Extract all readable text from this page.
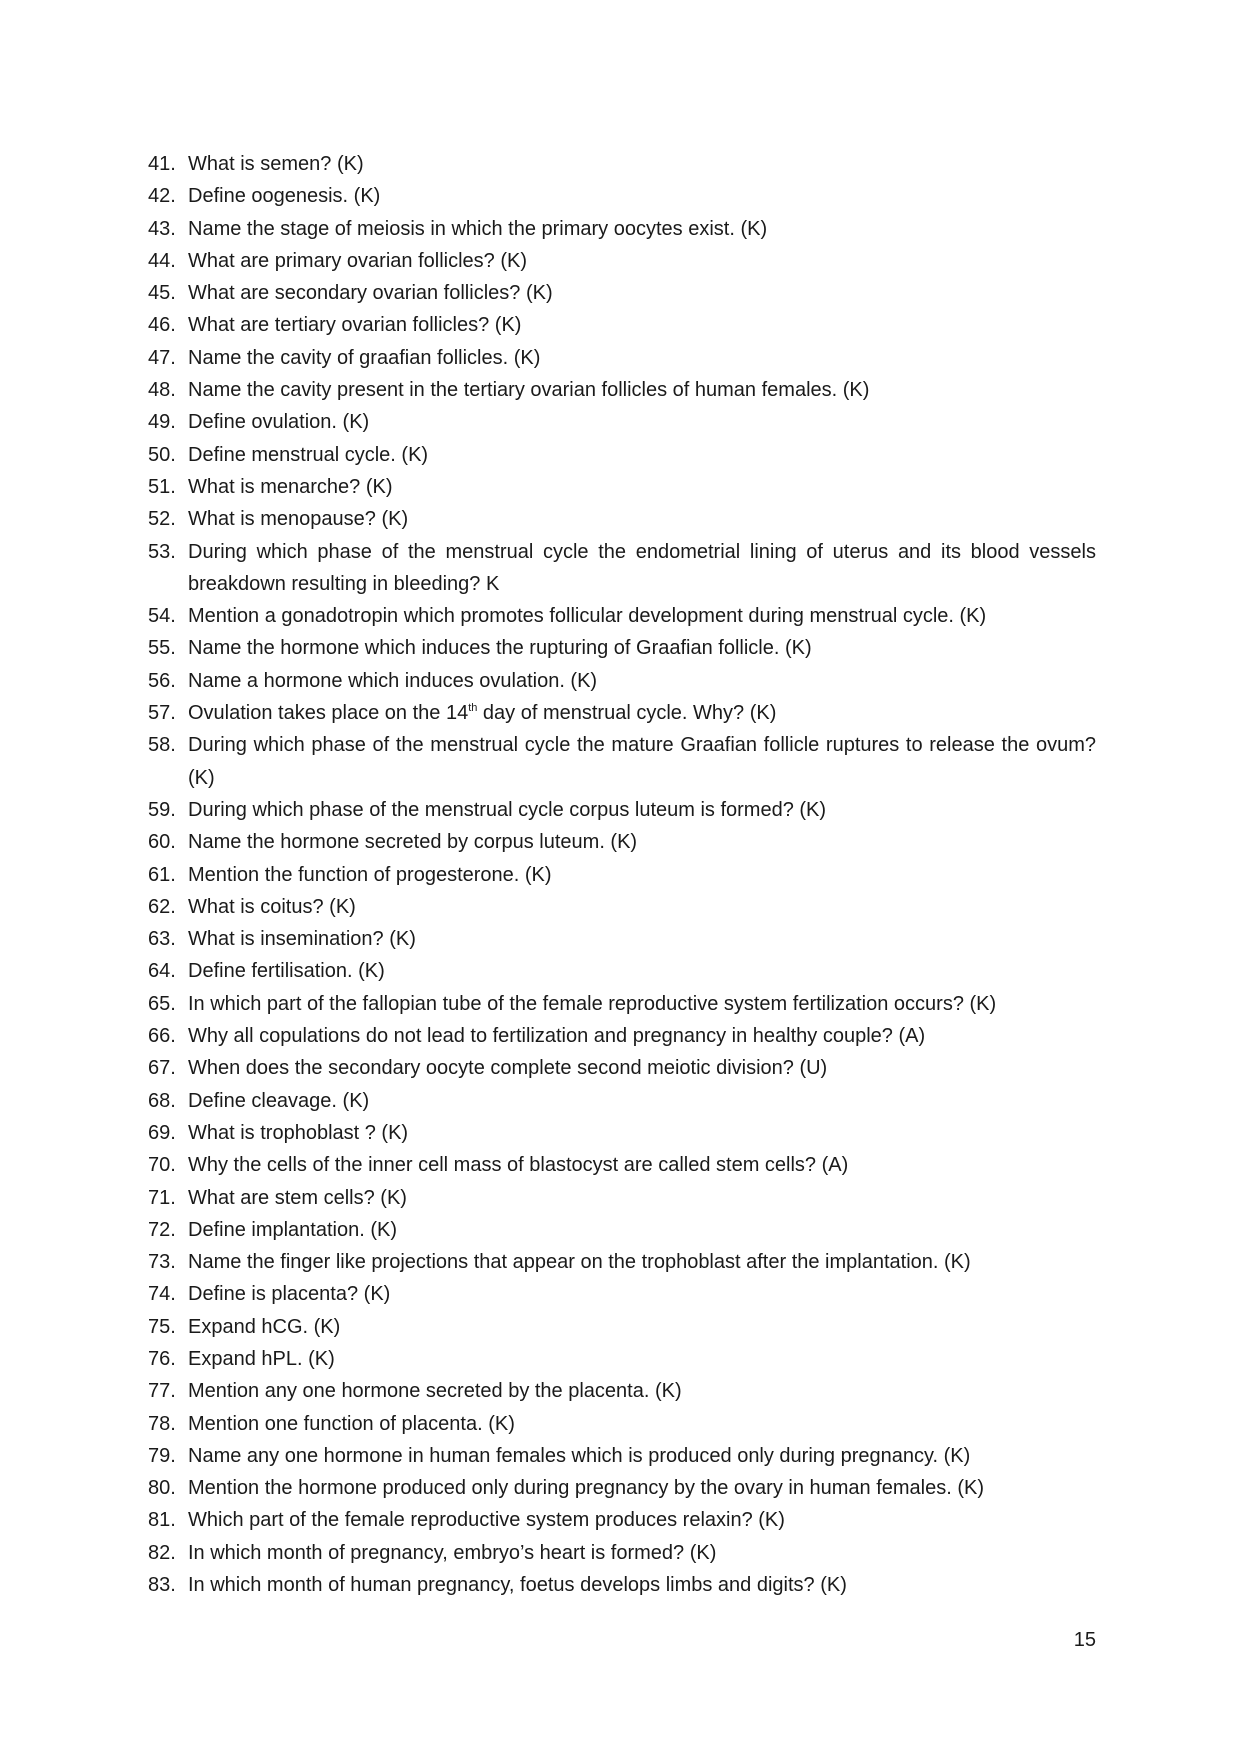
41 . What is semen? (K)
42 . Define oogenesis. (K)
43 . Name the stage of meiosis in which the primary oocytes exist. (K)
44 . What are primary ovarian follicles? (K)
45 . What are secondary ovarian follicles? (K)
46 . What are tertiary ovarian follicles? (K)
47 . Name the cavity of graafian follicles. (K)
48 . Name the cavity present in the tertiary ovarian follicles of human females. (K)
49 . Define ovulation. (K)
50 . Define menstrual cycle. (K)
51 . What is menarche? (K)
52 . What is menopause? (K)
53 . During which phase of the menstrual cycle the endometrial lining of uterus and its blood vessels breakdown resulting in bleeding? K
54 . Mention a gonadotropin which promotes follicular development during menstrual cycle. (K)
55 . Name the hormone which induces the rupturing of Graafian follicle. (K)
56 . Name a hormone which induces ovulation. (K)
57 . Ovulation takes place on the 14th day of menstrual cycle. Why? (K)
58 . During which phase of the menstrual cycle the mature Graafian follicle ruptures to release the ovum? (K)
59 . During which phase of the menstrual cycle corpus luteum is formed? (K)
60 . Name the hormone secreted by corpus luteum. (K)
61 . Mention the function of progesterone. (K)
62 . What is coitus? (K)
63 . What is insemination? (K)
64 . Define fertilisation. (K)
65 . In which part of the fallopian tube of the female reproductive system fertilization occurs? (K)
66 . Why all copulations do not lead to fertilization and pregnancy in healthy couple? (A)
67 . When does the secondary oocyte complete second meiotic division? (U)
68 . Define cleavage. (K)
69 . What is trophoblast ? (K)
70 . Why the cells of the inner cell mass of blastocyst are called stem cells? (A)
71 . What are stem cells? (K)
72 . Define implantation. (K)
73 . Name the finger like projections that appear on the trophoblast after the implantation. (K)
74 . Define is placenta? (K)
75 . Expand hCG. (K)
76 . Expand hPL. (K)
77 . Mention any one hormone secreted by the placenta. (K)
78 . Mention one function of placenta. (K)
79 . Name any one hormone in human females which is produced only during pregnancy. (K)
80 . Mention the hormone produced only during pregnancy by the ovary in human females. (K)
81 . Which part of the female reproductive system produces relaxin? (K)
82 . In which month of pregnancy, embryo’s heart is formed? (K)
83 . In which month of human pregnancy, foetus develops limbs and digits? (K)
15
